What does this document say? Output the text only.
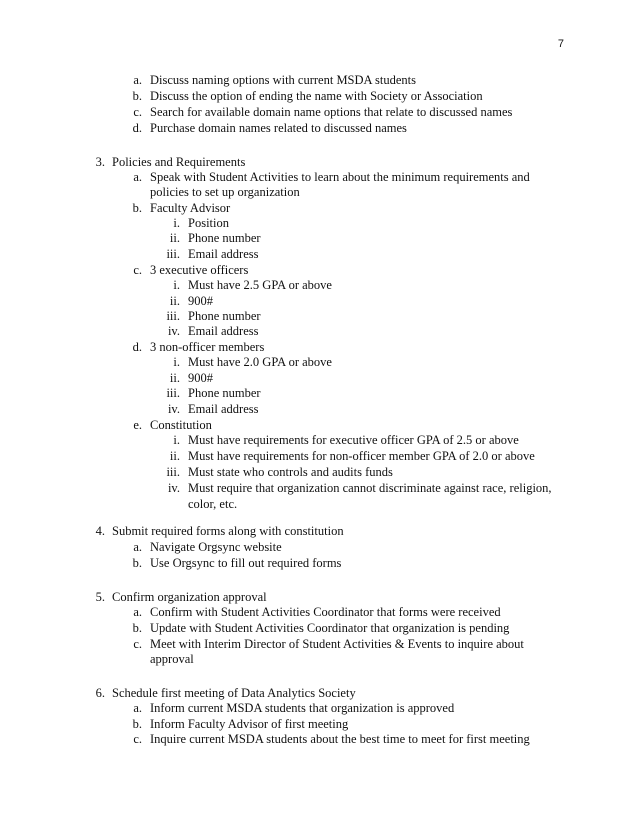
7
a. Discuss naming options with current MSDA students
b. Discuss the option of ending the name with Society or Association
c. Search for available domain name options that relate to discussed names
d. Purchase domain names related to discussed names
3. Policies and Requirements
a. Speak with Student Activities to learn about the minimum requirements and
policies to set up organization
b. Faculty Advisor
i. Position
ii. Phone number
iii. Email address
c. 3 executive officers
i. Must have 2.5 GPA or above
ii. 900#
iii. Phone number
iv. Email address
d. 3 non-officer members
i. Must have 2.0 GPA or above
ii. 900#
iii. Phone number
iv. Email address
e. Constitution
i. Must have requirements for executive officer GPA of 2.5 or above
ii. Must have requirements for non-officer member GPA of 2.0 or above
iii. Must state who controls and audits funds
iv. Must require that organization cannot discriminate against race, religion,
color, etc.
4. Submit required forms along with constitution
a. Navigate Orgsync website
b. Use Orgsync to fill out required forms
5. Confirm organization approval
a. Confirm with Student Activities Coordinator that forms were received
b. Update with Student Activities Coordinator that organization is pending
c. Meet with Interim Director of Student Activities & Events to inquire about
approval
6. Schedule first meeting of Data Analytics Society
a. Inform current MSDA students that organization is approved
b. Inform Faculty Advisor of first meeting
c. Inquire current MSDA students about the best time to meet for first meeting
